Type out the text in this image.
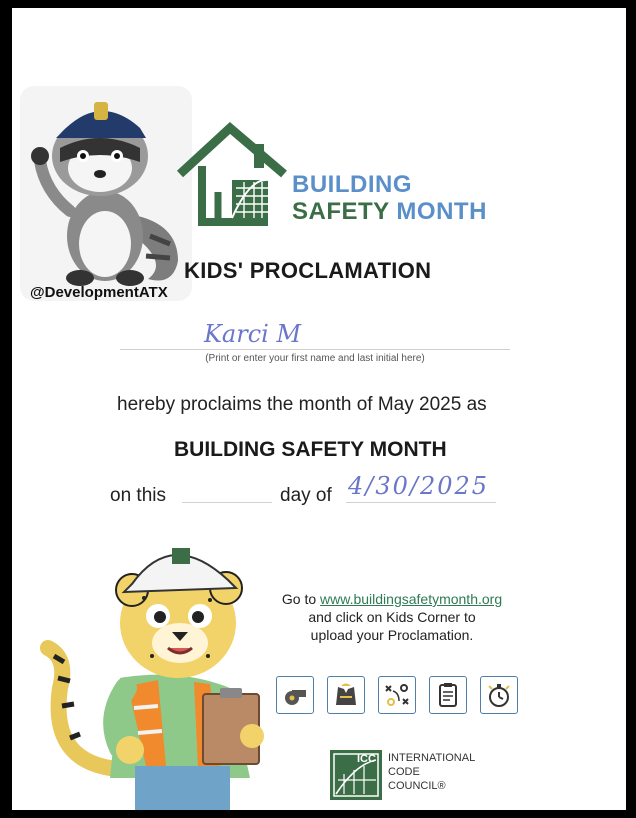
@DevelopmentATX
BUILDING
SAFETY MONTH
KIDS' PROCLAMATION
Karci M
(Print or enter your first name and last initial here)
hereby proclaims the month of May 2025 as
BUILDING SAFETY MONTH
on this	day of 4/30/2025
Go to www.buildingsafetymonth.org
and click on Kids Corner to
upload your Proclamation.
ICC INTERNATIONAL
CODE
COUNCIL®
